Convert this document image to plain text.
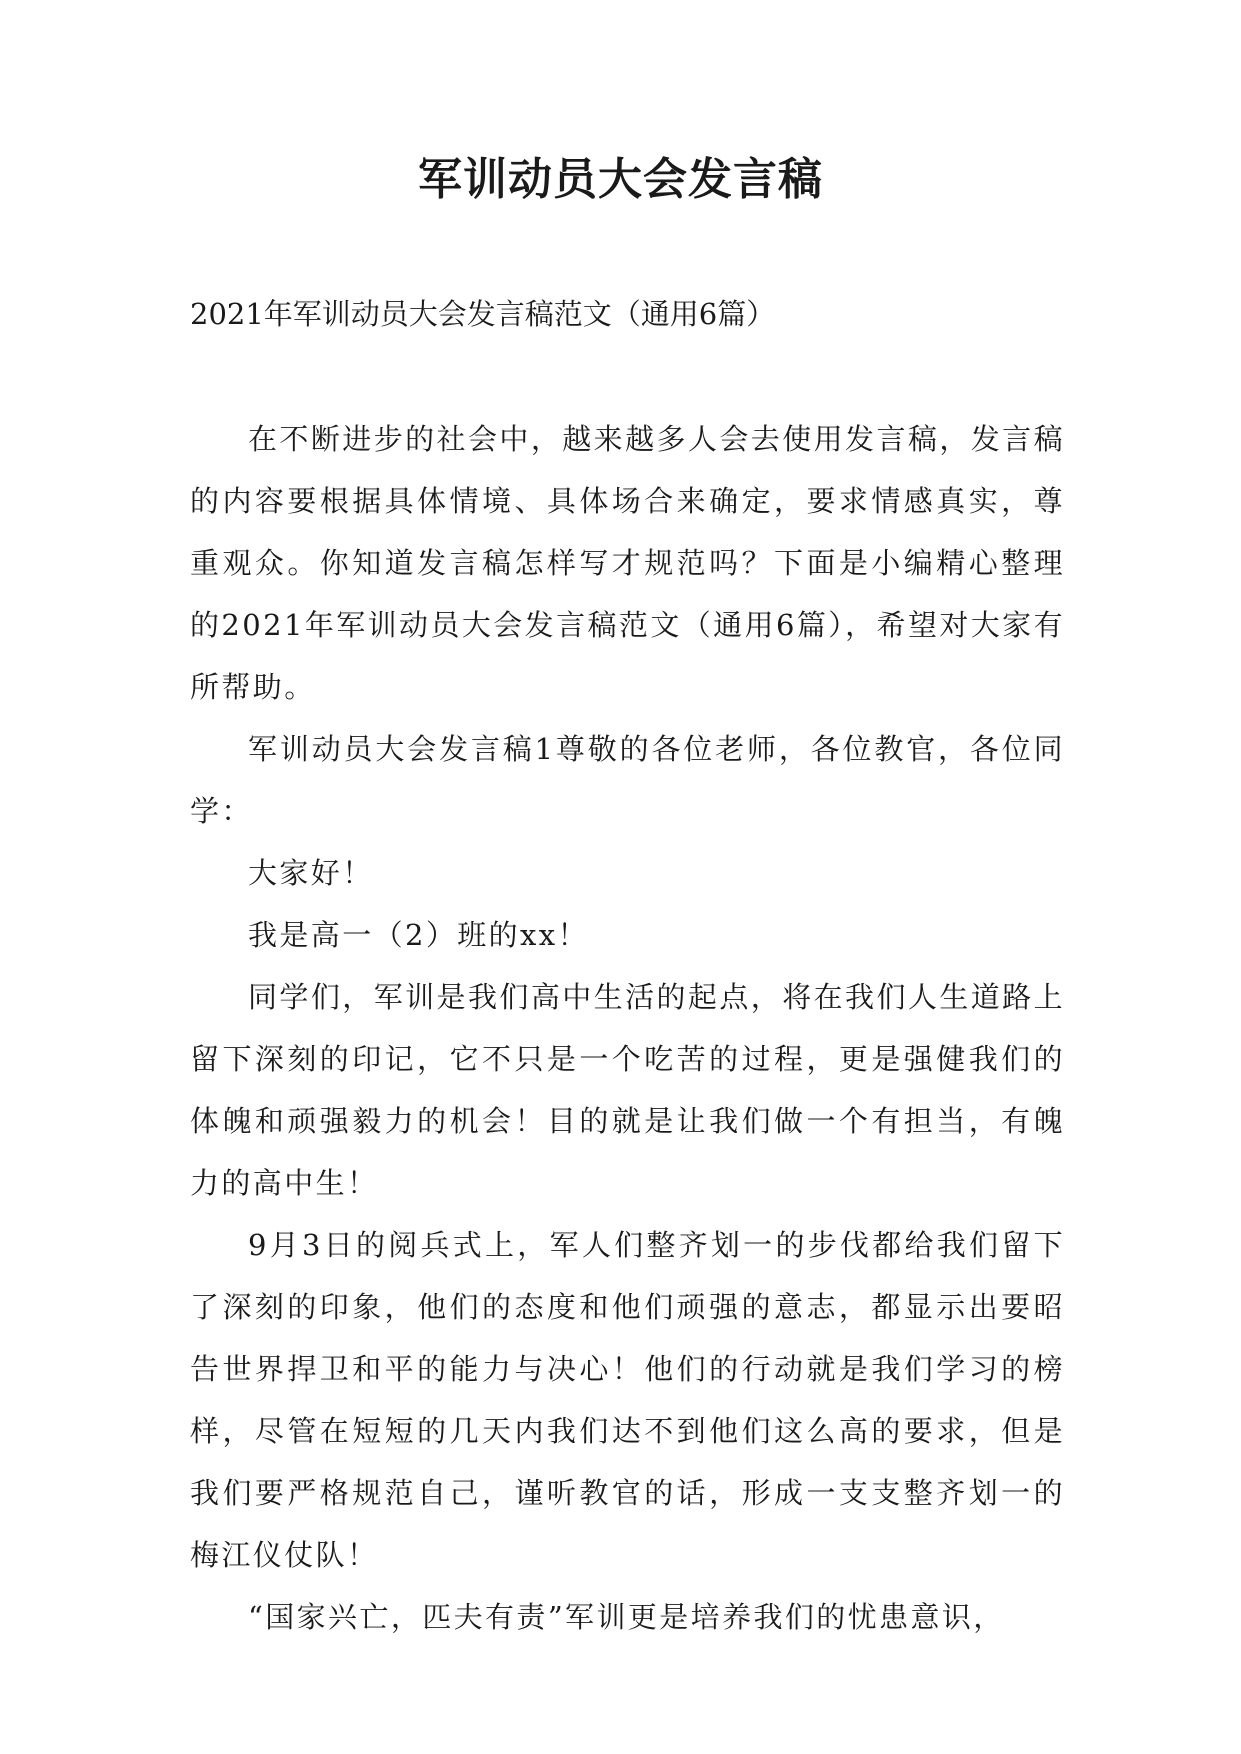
军训动员大会发言稿
2021年军训动员大会发言稿范文（通用6篇）

在不断进步的社会中，越来越多人会去使用发言稿，发言稿的内容要根据具体情境、具体场合来确定，要求情感真实，尊重观众。你知道发言稿怎样写才规范吗？下面是小编精心整理的2021年军训动员大会发言稿范文（通用6篇），希望对大家有所帮助。

军训动员大会发言稿1尊敬的各位老师，各位教官，各位同学：

大家好！

我是高一（2）班的xx！

同学们，军训是我们高中生活的起点，将在我们人生道路上留下深刻的印记，它不只是一个吃苦的过程，更是强健我们的体魄和顽强毅力的机会！目的就是让我们做一个有担当，有魄力的高中生！

9月3日的阅兵式上，军人们整齐划一的步伐都给我们留下了深刻的印象，他们的态度和他们顽强的意志，都显示出要昭告世界捍卫和平的能力与决心！他们的行动就是我们学习的榜样，尽管在短短的几天内我们达不到他们这么高的要求，但是我们要严格规范自己，谨听教官的话，形成一支支整齐划一的梅江仪仗队！

“国家兴亡，匹夫有责”军训更是培养我们的忧患意识，
